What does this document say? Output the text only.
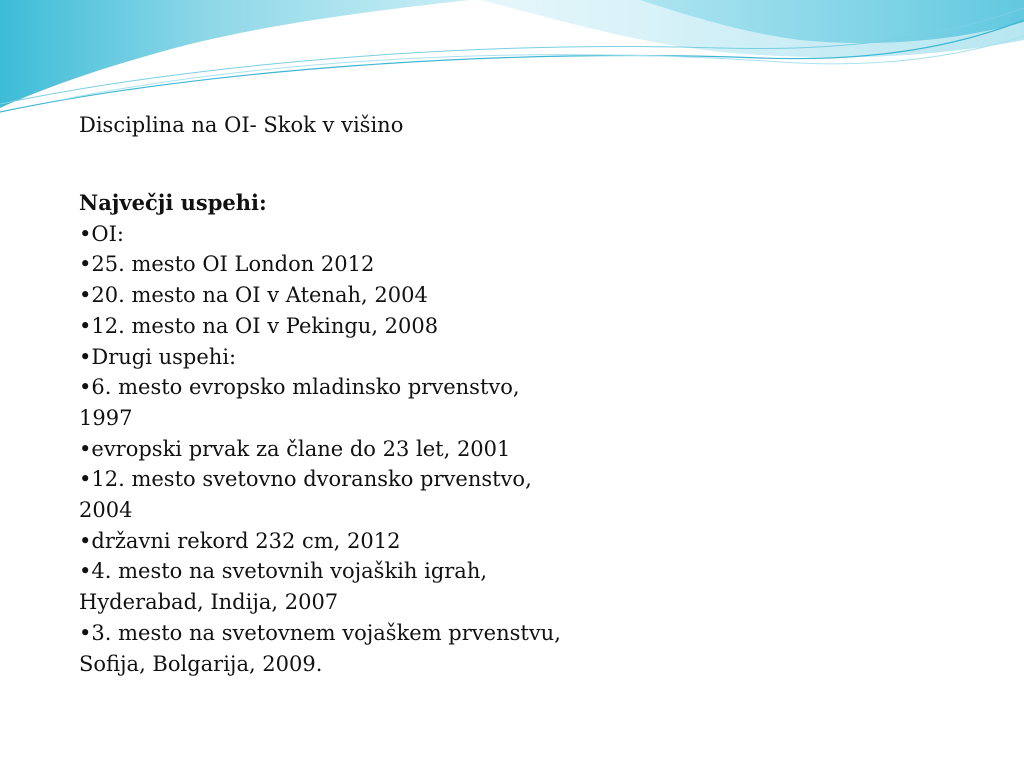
Disciplina na OI- Skok v višino

Največji uspehi:

•OI:
•25. mesto OI London 2012
•20. mesto na OI v Atenah, 2004
•12. mesto na OI v Pekingu, 2008
•Drugi uspehi:
•6. mesto evropsko mladinsko prvenstvo,
1997
•evropski prvak za člane do 23 let, 2001
•12. mesto svetovno dvoransko prvenstvo,
2004
•državni rekord 232 cm, 2012
•4. mesto na svetovnih vojaških igrah,
Hyderabad, Indija, 2007
•3. mesto na svetovnem vojaškem prvenstvu,
Sofija, Bolgarija, 2009.
